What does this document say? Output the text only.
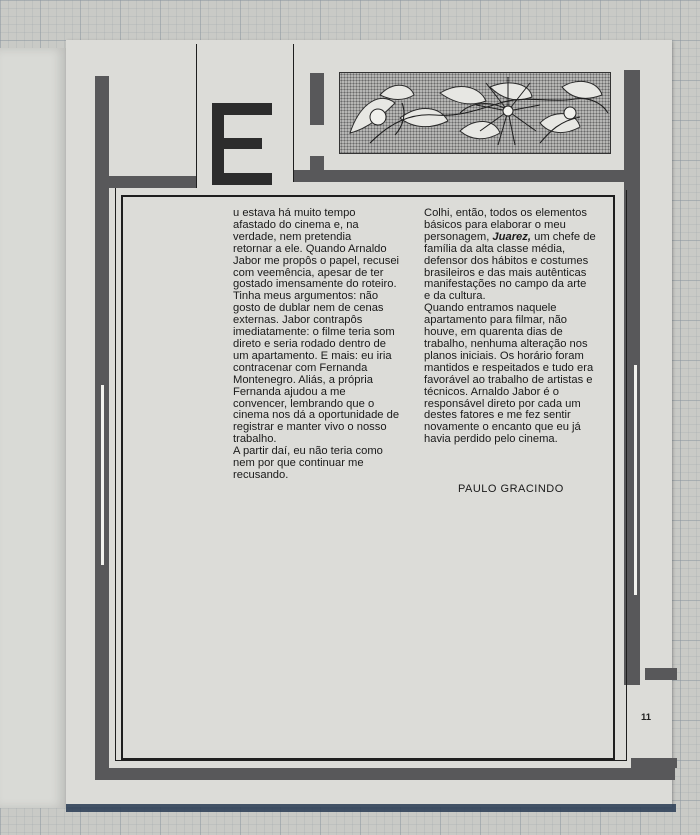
u estava há muito tempo

afastado do cinema e, na

verdade, nem pretendia

retornar a ele. Quando Arnaldo

Jabor me propôs o papel, recusei

com veemência, apesar de ter

gostado imensamente do roteiro.

Tinha meus argumentos: não

gosto de dublar nem de cenas

externas. Jabor contrapôs

imediatamente: o filme teria som

direto e seria rodado dentro de

um apartamento. E mais: eu iria

contracenar com Fernanda

Montenegro. Aliás, a própria

Fernanda ajudou a me

convencer, lembrando que o

cinema nos dá a oportunidade de

registrar e manter vivo o nosso

trabalho.

A partir daí, eu não teria como

nem por que continuar me

recusando.

Colhi, então, todos os elementos

básicos para elaborar o meu

personagem, Juarez, um chefe de

família da alta classe média,

defensor dos hábitos e costumes

brasileiros e das mais autênticas

manifestações no campo da arte

e da cultura.

Quando entramos naquele

apartamento para filmar, não

houve, em quarenta dias de

trabalho, nenhuma alteração nos

planos iniciais. Os horário foram

mantidos e respeitados e tudo era

favorável ao trabalho de artistas e

técnicos. Arnaldo Jabor é o

responsável direto por cada um

destes fatores e me fez sentir

novamente o encanto que eu já

havia perdido pelo cinema.

PAULO GRACINDO
11
